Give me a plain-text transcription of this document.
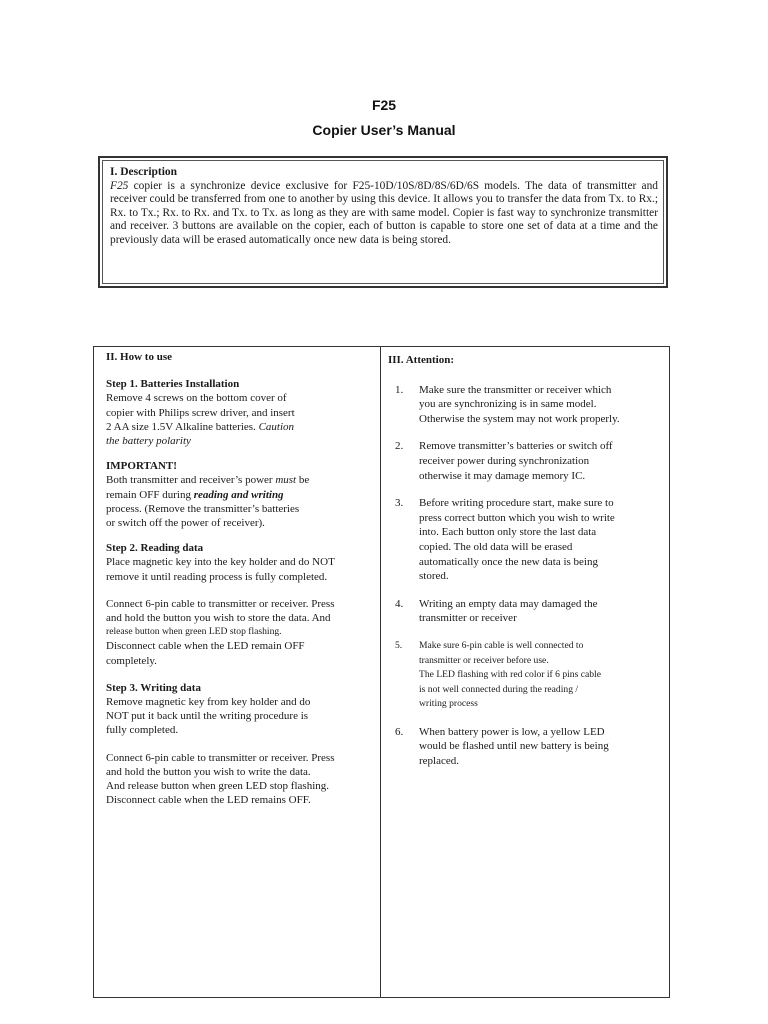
F25
Copier User’s Manual
I. Description
F25 copier is a synchronize device exclusive for F25-10D/10S/8D/8S/6D/6S models. The data of transmitter and receiver could be transferred from one to another by using this device. It allows you to transfer the data from Tx. to Rx.; Rx. to Tx.; Rx. to Rx. and Tx. to Tx. as long as they are with same model. Copier is fast way to synchronize transmitter and receiver. 3 buttons are available on the copier, each of button is capable to store one set of data at a time and the previously data will be erased automatically once new data is being stored.
II. How to use
Step 1. Batteries Installation
Remove 4 screws on the bottom cover of
copier with Philips screw driver, and insert
2 AA size 1.5V Alkaline batteries. Caution
the battery polarity
IMPORTANT!
Both transmitter and receiver’s power must be
remain OFF during reading and writing
process. (Remove the transmitter’s batteries
or switch off the power of receiver).
Step 2. Reading data
Place magnetic key into the key holder and do NOT
remove it until reading process is fully completed.
Connect 6-pin cable to transmitter or receiver. Press
and hold the button you wish to store the data. And
release button when green LED stop flashing.
Disconnect cable when the LED remain OFF
completely.
Step 3. Writing data
Remove magnetic key from key holder and do
NOT put it back until the writing procedure is
fully completed.
Connect 6-pin cable to transmitter or receiver. Press
and hold the button you wish to write the data.
And release button when green LED stop flashing.
Disconnect cable when the LED remains OFF.
III. Attention:
1. Make sure the transmitter or receiver which
you are synchronizing is in same model.
Otherwise the system may not work properly.
2. Remove transmitter’s batteries or switch off
receiver power during synchronization
otherwise it may damage memory IC.
3. Before writing procedure start, make sure to
press correct button which you wish to write
into. Each button only store the last data
copied. The old data will be erased
automatically once the new data is being
stored.
4. Writing an empty data may damaged the
transmitter or receiver
5. Make sure 6-pin cable is well connected to
transmitter or receiver before use.
The LED flashing with red color if 6 pins cable
is not well connected during the reading /
writing process
6. When battery power is low, a yellow LED
would be flashed until new battery is being
replaced.
